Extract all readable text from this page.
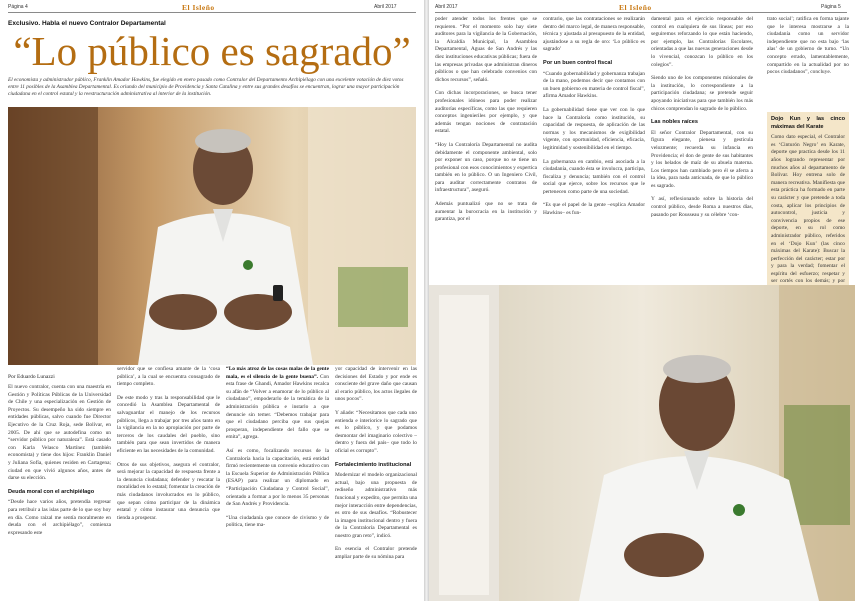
Página 4	El Isleño	Abril 2017
Exclusivo. Habla el nuevo Contralor Departamental
“Lo público es sagrado”

El economista y administrador público, Franklin Amador Hawkins, fue elegido en enero pasado como Contralor del Departamento Archipiélago con una excelente votación de diez votos entre 11 posibles de la Asamblea Departamental. Es oriundo del municipio de Providencia y Santa Catalina y entre sus grandes desafíos se encuentran, lograr una mayor participación ciudadana en el control estatal y la reestructuración administrativa al interior de la institución.

Por Eduardo Lunazzi

El nuevo contralor, cuenta con una maestría en Gestión y Políticas Públicas de la Universidad de Chile y una especialización en Gestión de Proyectos. Su desempeño ha sido siempre en entidades públicas, salvo cuando fue Director Ejecutivo de la Cruz Roja, sede Bolívar, en 2005. De ahí que se autodefina como un “servidor público por naturaleza”. Está casado con Karla Velasco Martínez (también economista) y tiene dos hijos: Franklin Daniel y Juliana Sofía, quienes residen en Cartagena; ciudad en que vivió algunos años, antes de darse su elección.

Deuda moral con el archipiélago

“Desde hace varios años, pretendía regresar para retribuir a las islas parte de lo que soy hoy en día. Como raizal me sentía moralmente en deuda con el archipiélago”, comienza expresando este

servidor que se confiesa amante de la ‘cosa pública’, a la cual se encuentra consagrado de tiempo completo.

De este modo y tras la responsabilidad que le concedió la Asamblea Departamental de salvaguardar el manejo de los recursos públicos, llega a trabajar por tres años tanto en la vigilancia en la no apropiación por parte de terceros de los caudales del pueblo, sino también para que sean invertidos de manera eficiente en las necesidades de la comunidad.

Otros de sus objetivos, asegura el contralor, será mejorar la capacidad de respuesta frente a la denuncia ciudadana; defender y rescatar la moralidad en lo estatal; fomentar la creación de más ciudadanos involucrados en lo público, que sepan cómo participar de la dinámica estatal y cómo instaurar una denuncia que tienda a prosperar.

“Lo más atroz de las cosas malas de la gente mala, es el silencio de la gente buena”. Con esta frase de Ghandi, Amador Hawkins recalca su afán de “Volver a enamorar de lo público al ciudadano”, empoderarlo de la temática de la administración pública e instarlo a que denuncie sin temer. “Debemos trabajar para que el ciudadano perciba que sus quejas prosperan, independiente del fallo que se emita”, agrega.

Así es como, focalizando recursos de la Contraloría hacia la capacitación, está entidad firmó recientemente un convenio educativo con la Escuela Superior de Administración Pública (ESAP) para realizar un diplomado en “Participación Ciudadana y Control Social”, orientado a formar a por lo menos 35 personas de San Andrés y Providencia.

“Una ciudadanía que conoce de civismo y de política, tiene ma-

yor capacidad de intervenir en las decisiones del Estado y por ende es consciente del grave daño que causan al erario público, los actos ilegales de unos pocos”.

Y añade: “Necesitamos que cada uno entienda e interiorice lo sagrado que es lo público, y que podamos desmontar del imaginario colectivo –dentro y fuera del país– que todo lo oficial es corrupto”.

Fortalecimiento institucional

Modernizar el modelo organizacional actual, bajo una propuesta de rediseño administrativo más funcional y expedito, que permita una mejor interacción entre dependencias, es otro de sus desafíos. “Robustecer la imagen institucional dentro y fuera de la Contraloría Departamental es nuestro gran reto”, indicó.

En esencia el Contralor pretende ampliar parte de su nómina para

Abril 2017	El Isleño	Página 5

poder atender todos los frentes que se requieren. “Por el momento solo hay siete auditores para la vigilancia de la Gobernación, la Alcaldía Municipal, la Asamblea Departamental, Aguas de San Andrés y las diez instituciones educativas públicas; fuera de las empresas privadas que administran dineros públicos o que han celebrado convenios con dichos recursos”, señaló.

Con dichas incorporaciones, se busca tener profesionales idóneos para poder realizar auditorías específicas, como las que requieren conceptos ingenieriles por ejemplo, y que además tengan nociones de contratación estatal.

“Hoy la Contraloría Departamental no audita debidamente el componente ambiental, solo por exponer un caso, porque no se tiene un profesional con esos conocimientos y expertica también en lo público. O un Ingeniero Civil, para auditar correctamente contratos de infraestructura”, aseguró.

Además puntualizó que no se trata de aumentar la burocracia en la institución y garantiza, por el

contrario, que las contrataciones se realizarán dentro del marco legal, de manera responsable, técnica y ajustada al presupuesto de la entidad, ajustándose a su regla de oro: ‘Lo público es sagrado’

Por un buen control fiscal

“Cuando gobernabilidad y gobernanza trabajan de la mano, podemos decir que contamos con un buen gobierno en materia de control fiscal”, afirma Amador Hawkins.

La gobernabilidad tiene que ver con lo que hace la Contraloría como institución, su capacidad de respuesta, de aplicación de las normas y los mecanismos de exigibilidad vigente, con oportunidad, eficiencia, eficacia, legitimidad y sostenibilidad en el tiempo.

La gobernanza en cambio, está asociada a la ciudadanía, cuando ésta se involucra, participa, fiscaliza y denuncia; también con el control social que ejerce, sobre los recursos que le pertenecen como parte de una sociedad.

“Es que el papel de la gente –explica Amador Hawkins– es fun-

damental para el ejercicio responsable del control en cualquiera de sus líneas; por eso seguiremos reforzando lo que están haciendo, por ejemplo, las Contralorías Escolares, orientadas a que las nuevas generaciones desde lo vivencial, conozcan lo público en los colegios”.

Siendo uno de los componentes misionales de la institución, lo correspondiente a la participación ciudadana; se pretende seguir apoyando iniciativas para que también los más chicos comprendan lo sagrado de lo público.

Las nobles raíces

El señor Contralor Departamental, con su figura elegante, pienesa y gesticula velozmente; recuerda su infancia en Providencia; el don de gente de sus habitantes y los helados de maíz de su abuela materna. Los tiempos han cambiado pero él se aferra a la idea, para nada anticuada, de que lo público es sagrado.

Y así, reflexionando sobre la historia del control público, desde Roma a nuestros días, pasando por Rousseau y su célebre ‘con-

trato social’; ratifica en forma tajante que le interesa mostrarse a la ciudadanía como un servidor independiente que no esta bajo ‘las alas’ de un gobierno de turno. “Un concepto errado, lamentablemente, compartido en la actualidad por no pocos ciudadanos”, concluye.

Dojo Kun y las cinco máximas del Karate

Como dato especial, el Contralor es ‘Cinturón Negro’ en Karate, deporte que practica desde los 11 años logrando representar por muchos años al departamento de Bolívar. Hoy entrena solo de manera recreativa. Manifiesta que esta práctica ha formado en parte su carácter y que pretende a toda costa, aplicar los principios de autocontrol, justicia y convivencia propios de ese deporte, en su rol como administrador público, referidos en el ‘Dojo Kun’ (las cinco máximas del Karate): Buscar la perfección del carácter; estar por y para la verdad; fomentar el espíritu del esfuerzo; respetar y ser cortés con los demás; y por
